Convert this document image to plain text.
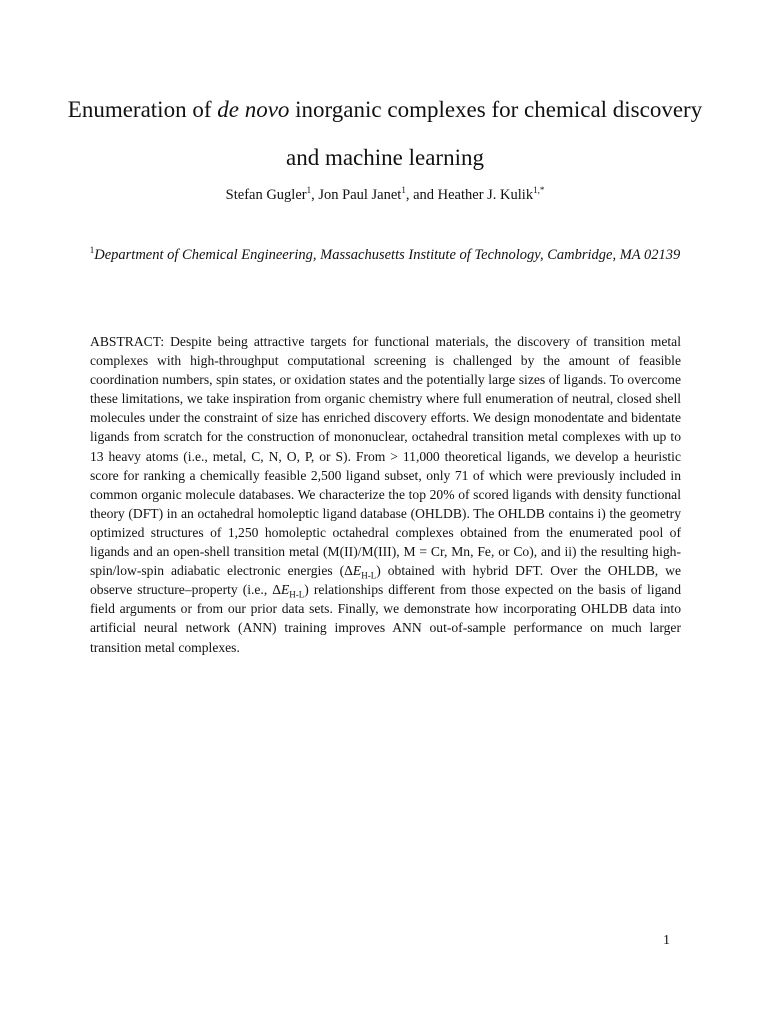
Enumeration of de novo inorganic complexes for chemical discovery and machine learning
Stefan Gugler$^1$, Jon Paul Janet$^1$, and Heather J. Kulik$^{1,*}$
$^1$Department of Chemical Engineering, Massachusetts Institute of Technology, Cambridge, MA 02139

ABSTRACT: Despite being attractive targets for functional materials, the discovery of transition metal complexes with high-throughput computational screening is challenged by the amount of feasible coordination numbers, spin states, or oxidation states and the potentially large sizes of ligands. To overcome these limitations, we take inspiration from organic chemistry where full enumeration of neutral, closed shell molecules under the constraint of size has enriched discovery efforts. We design monodentate and bidentate ligands from scratch for the construction of mononuclear, octahedral transition metal complexes with up to 13 heavy atoms (i.e., metal, C, N, O, P, or S). From > 11,000 theoretical ligands, we develop a heuristic score for ranking a chemically feasible 2,500 ligand subset, only 71 of which were previously included in common organic molecule databases. We characterize the top 20% of scored ligands with density functional theory (DFT) in an octahedral homoleptic ligand database (OHLDB). The OHLDB contains i) the geometry optimized structures of 1,250 homoleptic octahedral complexes obtained from the enumerated pool of ligands and an open-shell transition metal (M(II)/M(III), M = Cr, Mn, Fe, or Co), and ii) the resulting high-spin/low-spin adiabatic electronic energies $(\Delta E_{H-L})$ obtained with hybrid DFT. Over the OHLDB, we observe structure–property (i.e., $\Delta E_{H-L}$) relationships different from those expected on the basis of ligand field arguments or from our prior data sets. Finally, we demonstrate how incorporating OHLDB data into artificial neural network (ANN) training improves ANN out-of-sample performance on much larger transition metal complexes.

1
